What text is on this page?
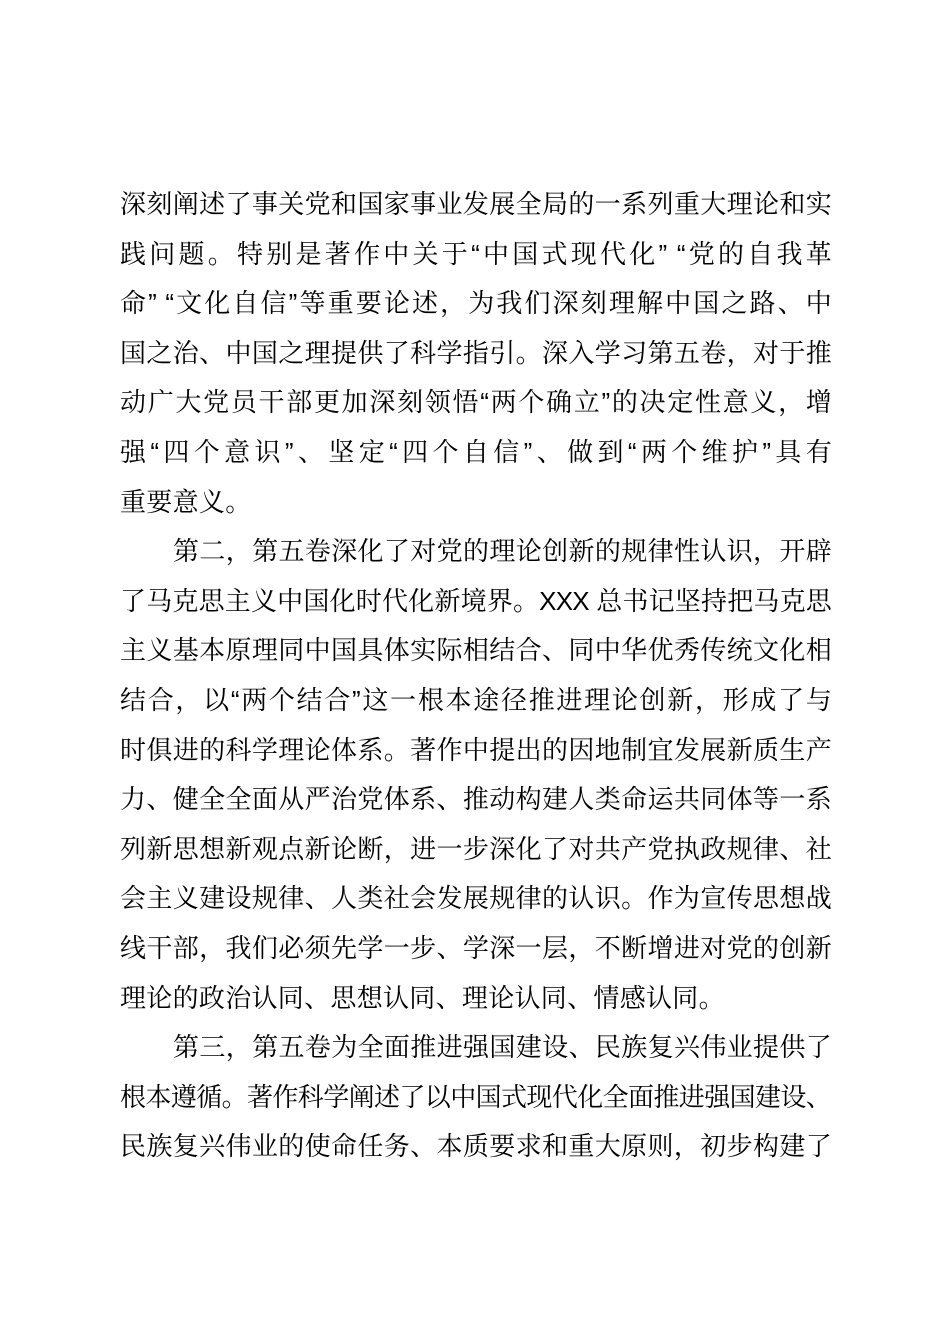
深刻阐述了事关党和国家事业发展全局的一系列重大理论和实
践问题。特别是著作中关于“中国式现代化” “党的自我革
命” “文化自信”等重要论述，为我们深刻理解中国之路、中
国之治、中国之理提供了科学指引。深入学习第五卷，对于推
动广大党员干部更加深刻领悟“两个确立”的决定性意义，增
强“四个意识”、坚定“四个自信”、做到“两个维护”具有
重要意义。
第二，第五卷深化了对党的理论创新的规律性认识，开辟
了马克思主义中国化时代化新境界。XXX 总书记坚持把马克思
主义基本原理同中国具体实际相结合、同中华优秀传统文化相
结合，以“两个结合”这一根本途径推进理论创新，形成了与
时俱进的科学理论体系。著作中提出的因地制宜发展新质生产
力、健全全面从严治党体系、推动构建人类命运共同体等一系
列新思想新观点新论断，进一步深化了对共产党执政规律、社
会主义建设规律、人类社会发展规律的认识。作为宣传思想战
线干部，我们必须先学一步、学深一层，不断增进对党的创新
理论的政治认同、思想认同、理论认同、情感认同。
第三，第五卷为全面推进强国建设、民族复兴伟业提供了
根本遵循。著作科学阐述了以中国式现代化全面推进强国建设、
民族复兴伟业的使命任务、本质要求和重大原则，初步构建了
